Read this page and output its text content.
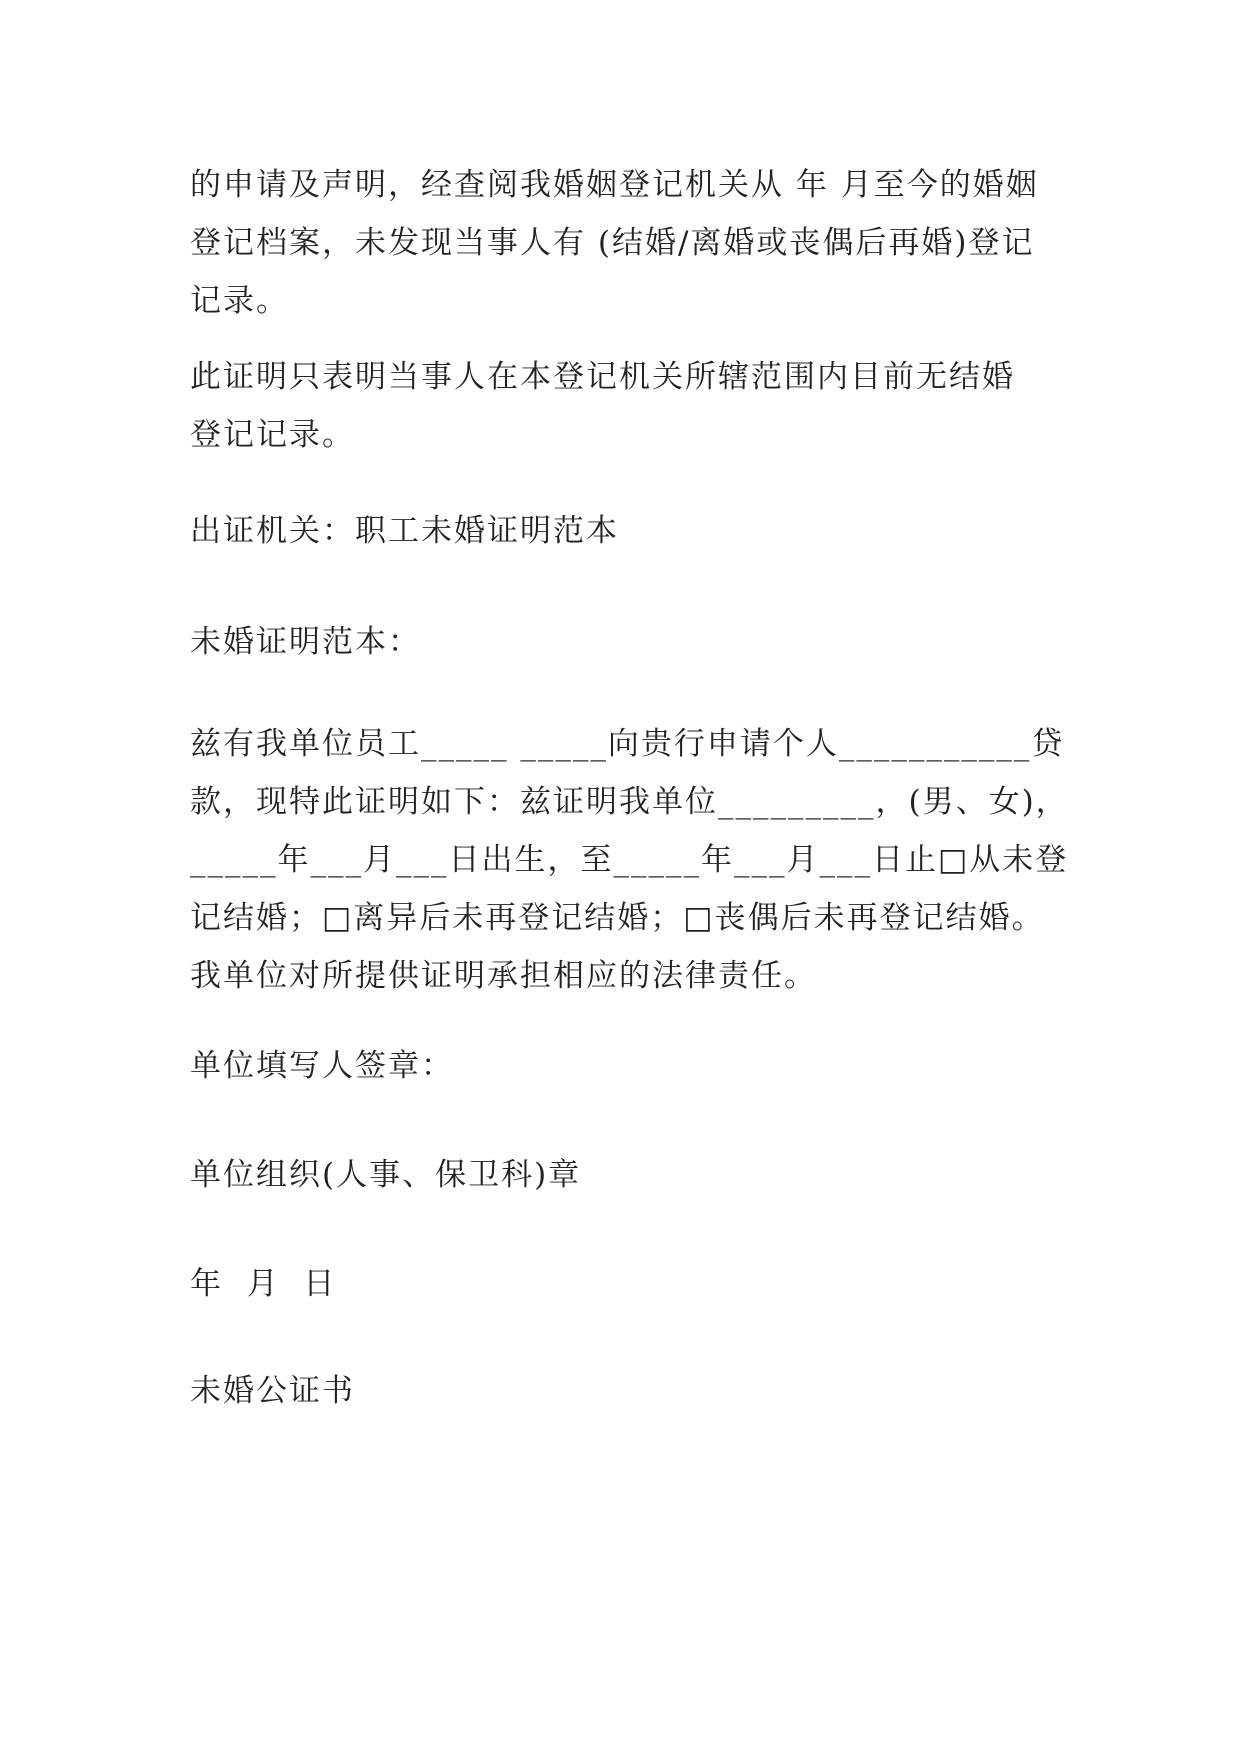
的申请及声明，经查阅我婚姻登记机关从 年 月至今的婚姻
登记档案，未发现当事人有 (结婚/离婚或丧偶后再婚)登记
记录。
此证明只表明当事人在本登记机关所辖范围内目前无结婚
登记记录。
出证机关：职工未婚证明范本
未婚证明范本：
兹有我单位员工_____ _____向贵行申请个人___________贷
款，现特此证明如下：兹证明我单位_________，(男、女)，
_____年___月___日出生，至_____年___月___日止□从未登
记结婚；□离异后未再登记结婚；□丧偶后未再登记结婚。
我单位对所提供证明承担相应的法律责任。
单位填写人签章：
单位组织(人事、保卫科)章
年  月  日
未婚公证书
